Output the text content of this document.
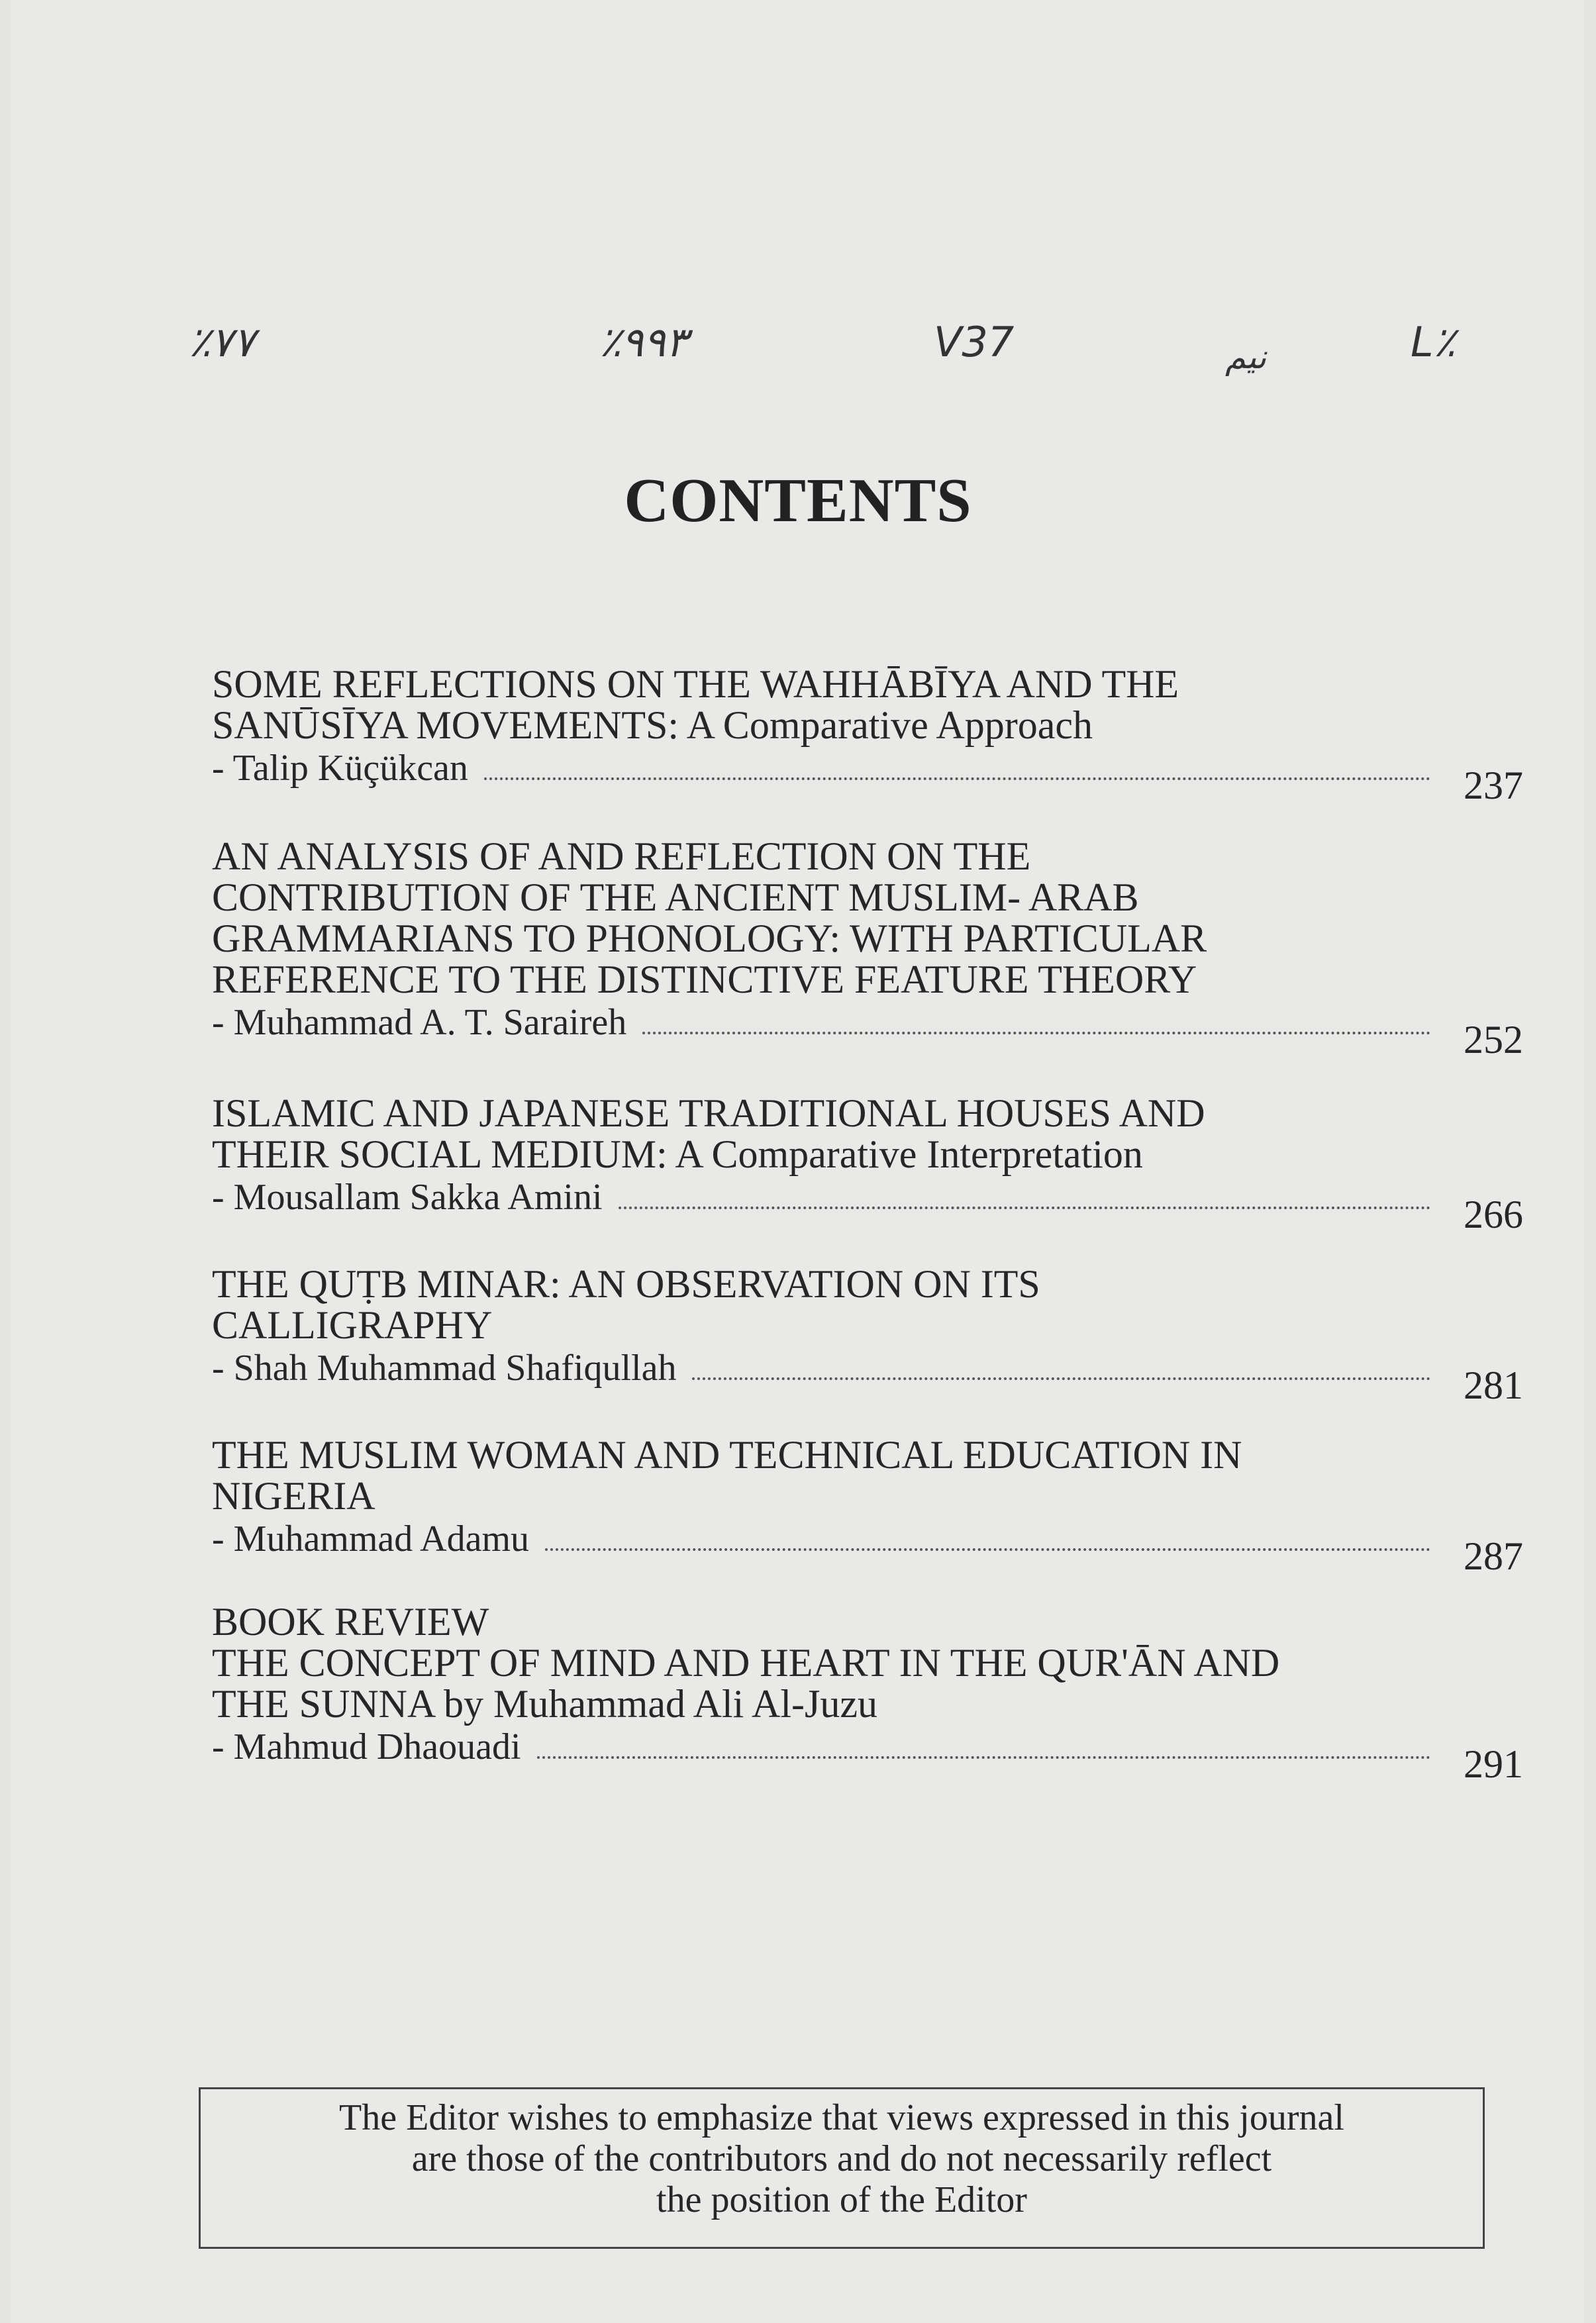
٪۷۷	٪۹۹۳	V37	نیم	L٪
CONTENTS
SOME REFLECTIONS ON THE WAHHĀBĪYA AND THE
SANŪSĪYA MOVEMENTS: A Comparative Approach
- Talip Küçükcan	237
AN ANALYSIS OF AND REFLECTION ON THE
CONTRIBUTION OF THE ANCIENT MUSLIM- ARAB
GRAMMARIANS TO PHONOLOGY: WITH PARTICULAR
REFERENCE TO THE DISTINCTIVE FEATURE THEORY
- Muhammad A. T. Saraireh	252
ISLAMIC AND JAPANESE TRADITIONAL HOUSES AND
THEIR SOCIAL MEDIUM: A Comparative Interpretation
- Mousallam Sakka Amini	266
THE QUṬB MINAR: AN OBSERVATION ON ITS
CALLIGRAPHY
- Shah Muhammad Shafiqullah	281
THE MUSLIM WOMAN AND TECHNICAL EDUCATION IN
NIGERIA
- Muhammad Adamu	287
BOOK REVIEW
THE CONCEPT OF MIND AND HEART IN THE QUR'ĀN AND
THE SUNNA by Muhammad Ali Al-Juzu
- Mahmud Dhaouadi	291
The Editor wishes to emphasize that views expressed in this journal
are those of the contributors and do not necessarily reflect
the position of the Editor
